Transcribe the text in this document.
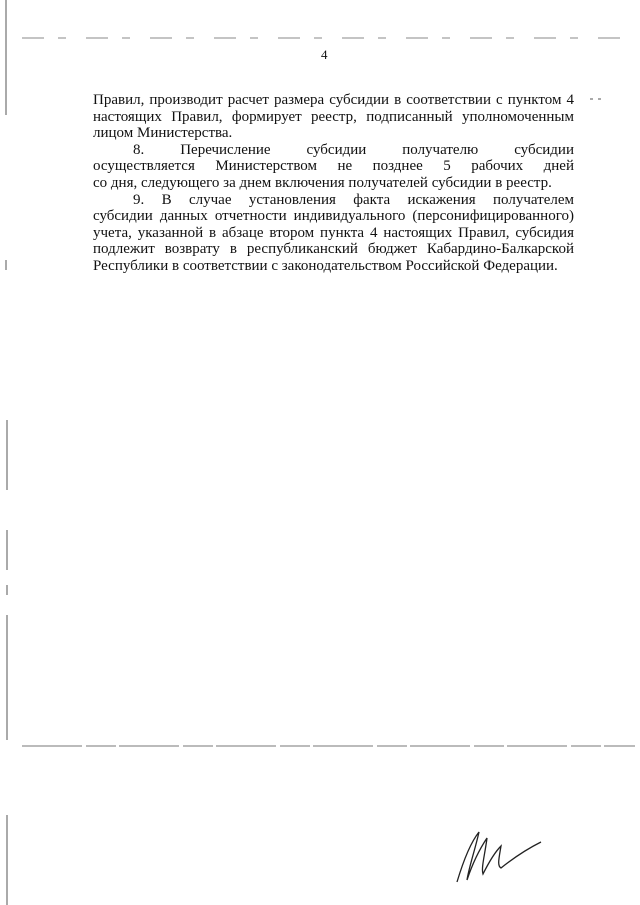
4
Правил, производит расчет размера субсидии в соответствии с пунктом 4
настоящих Правил, формирует реестр, подписанный уполномоченным
лицом Министерства.
8. Перечисление субсидии получателю субсидии
осуществляется Министерством не позднее 5 рабочих дней
со дня, следующего за днем включения получателей субсидии в реестр.
9. В случае установления факта искажения получателем
субсидии данных отчетности индивидуального (персонифицированного)
учета, указанной в абзаце втором пункта 4 настоящих Правил, субсидия
подлежит возврату в республиканский бюджет Кабардино-Балкарской
Республики в соответствии с законодательством Российской Федерации.
